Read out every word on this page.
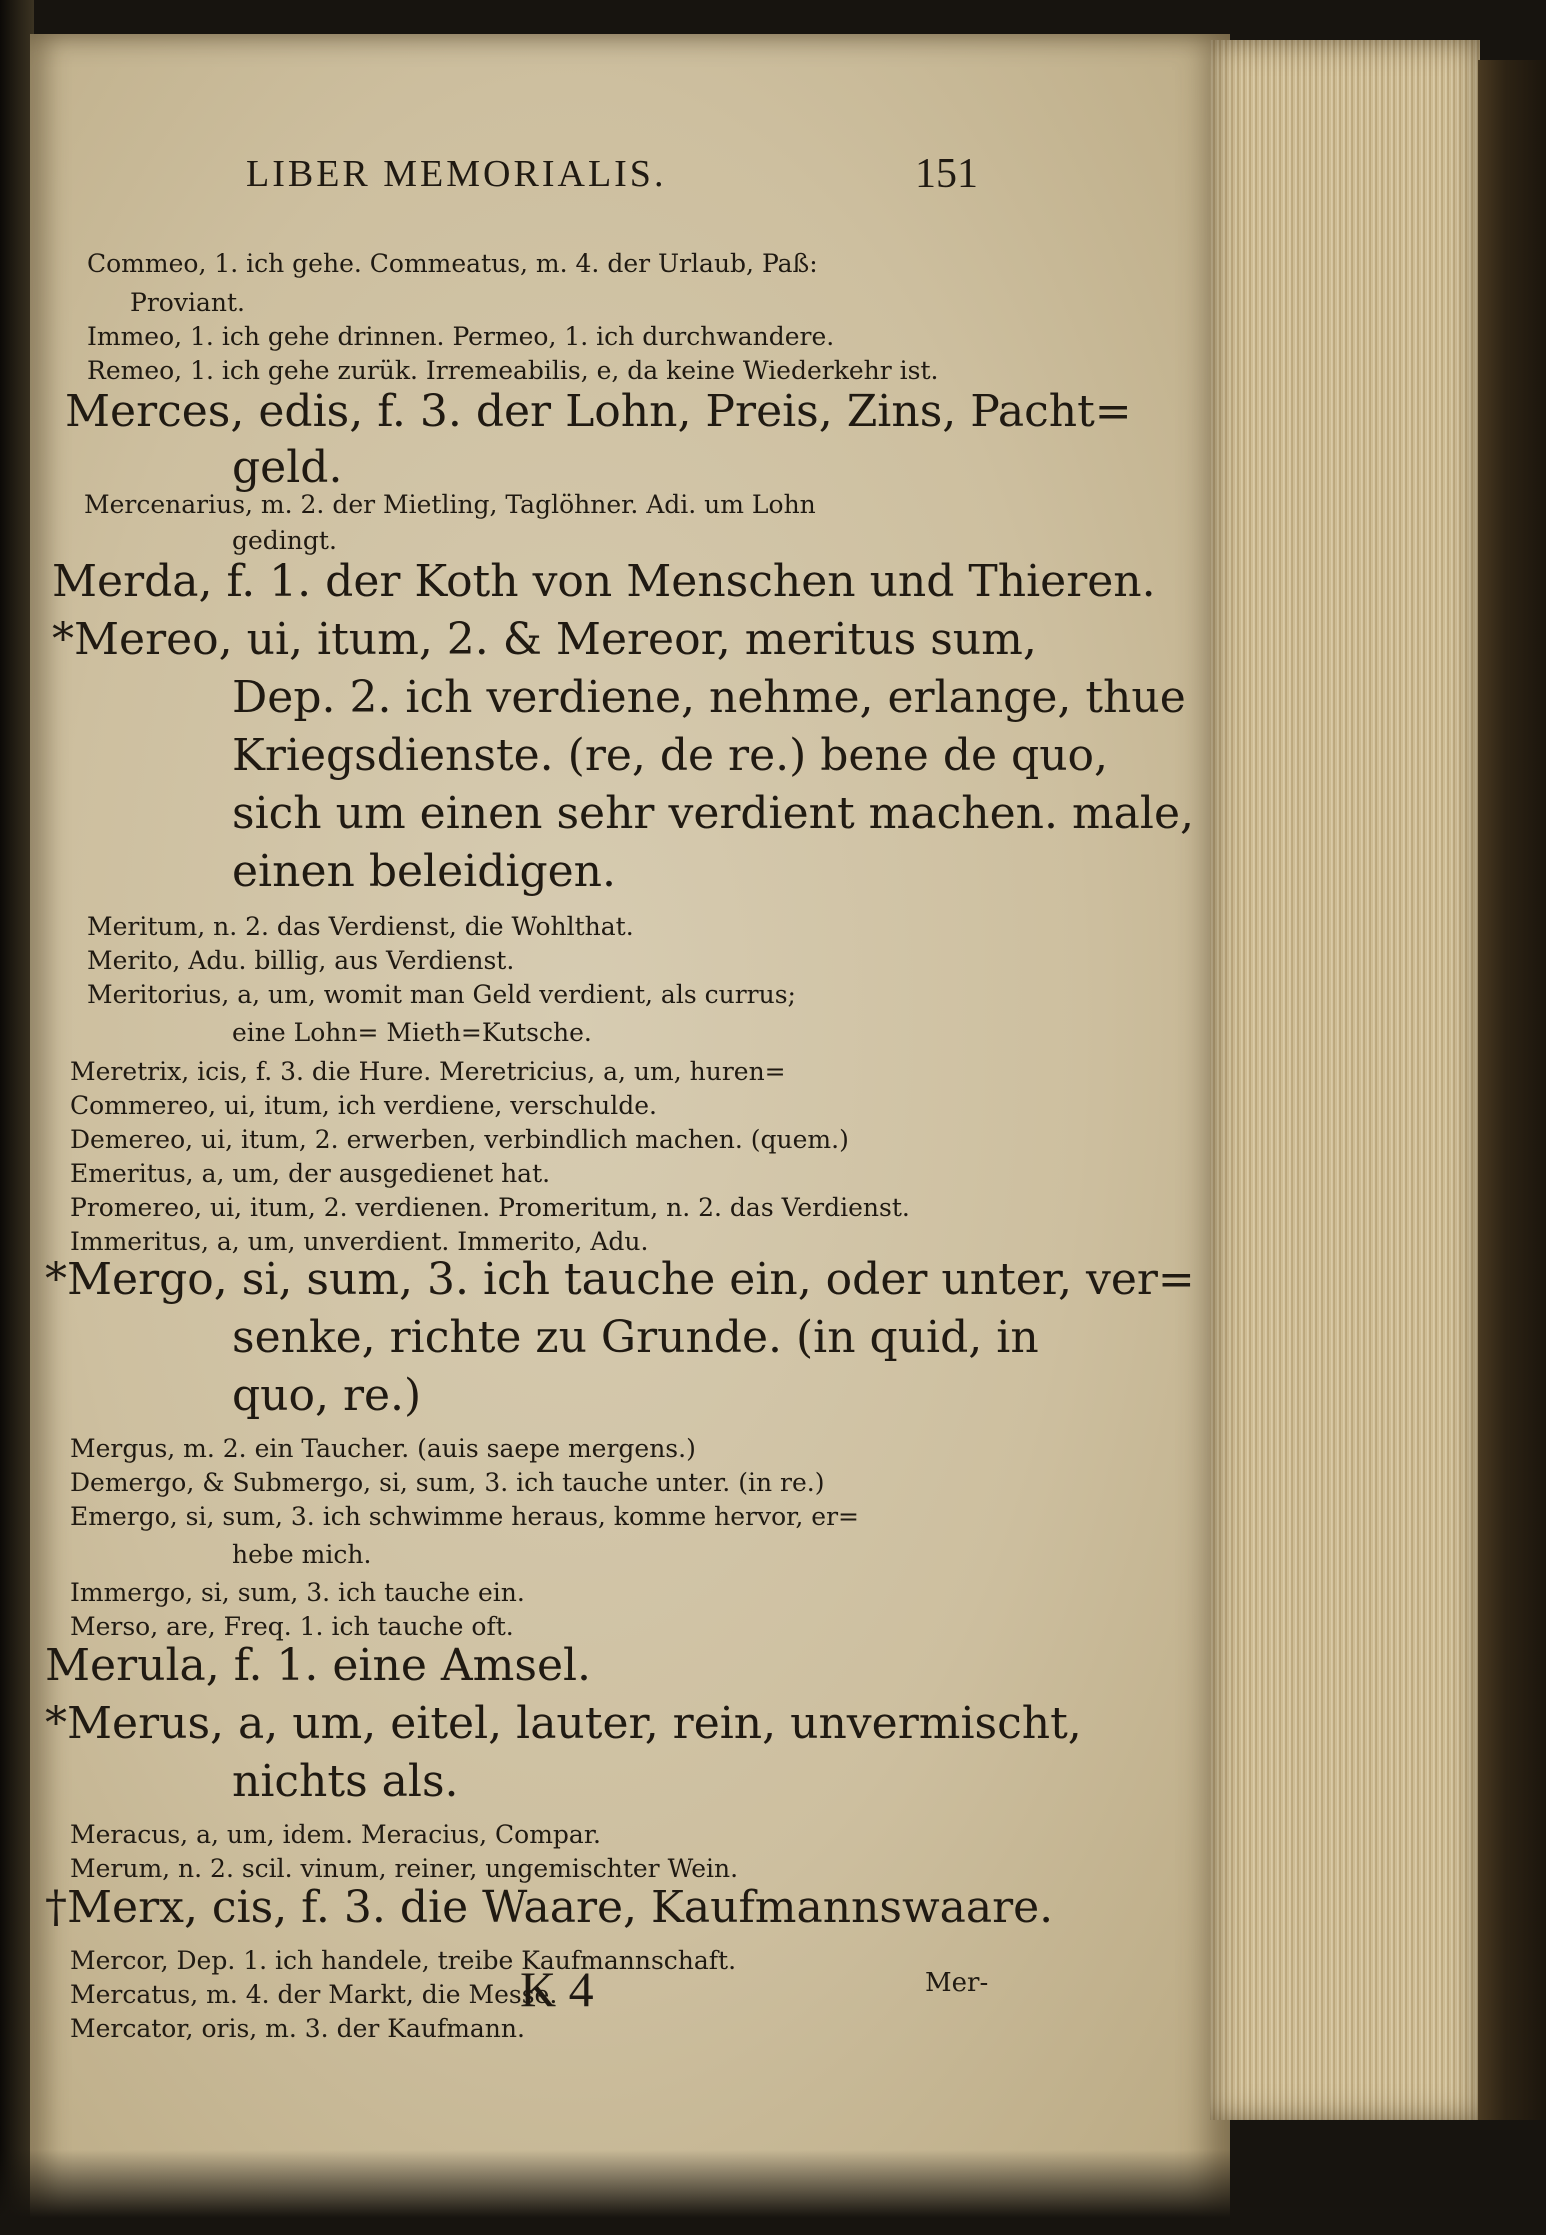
LIBER MEMORIALIS.	151
Commeo, 1. ich gehe. Commeatus, m. 4. der Urlaub, Paß:
Proviant.
Immeo, 1. ich gehe drinnen. Permeo, 1. ich durchwandere.
Remeo, 1. ich gehe zurük. Irremeabilis, e, da keine Wiederkehr ist.
Merces, edis, f. 3. der Lohn, Preis, Zins, Pacht=
geld.
Mercenarius, m. 2. der Mietling, Taglöhner. Adi. um Lohn
gedingt.
Merda, f. 1. der Koth von Menschen und Thieren.
*Mereo, ui, itum, 2. & Mereor, meritus sum,
Dep. 2. ich verdiene, nehme, erlange, thue
Kriegsdienste. (re, de re.) bene de quo,
sich um einen sehr verdient machen. male,
einen beleidigen.
Meritum, n. 2. das Verdienst, die Wohlthat.
Merito, Adu. billig, aus Verdienst.
Meritorius, a, um, womit man Geld verdient, als currus;
eine Lohn= Mieth=Kutsche.
Meretrix, icis, f. 3. die Hure. Meretricius, a, um, huren=
Commereo, ui, itum, ich verdiene, verschulde.
Demereo, ui, itum, 2. erwerben, verbindlich machen. (quem.)
Emeritus, a, um, der ausgedienet hat.
Promereo, ui, itum, 2. verdienen. Promeritum, n. 2. das Verdienst.
Immeritus, a, um, unverdient. Immerito, Adu.
*Mergo, si, sum, 3. ich tauche ein, oder unter, ver=
senke, richte zu Grunde. (in quid, in
quo, re.)
Mergus, m. 2. ein Taucher. (auis saepe mergens.)
Demergo, & Submergo, si, sum, 3. ich tauche unter. (in re.)
Emergo, si, sum, 3. ich schwimme heraus, komme hervor, er=
hebe mich.
Immergo, si, sum, 3. ich tauche ein.
Merso, are, Freq. 1. ich tauche oft.
Merula, f. 1. eine Amsel.
*Merus, a, um, eitel, lauter, rein, unvermischt,
nichts als.
Meracus, a, um, idem. Meracius, Compar.
Merum, n. 2. scil. vinum, reiner, ungemischter Wein.
†Merx, cis, f. 3. die Waare, Kaufmannswaare.
Mercor, Dep. 1. ich handele, treibe Kaufmannschaft.
Mercatus, m. 4. der Markt, die Messe.
Mercator, oris, m. 3. der Kaufmann.
K 4	Mer-
